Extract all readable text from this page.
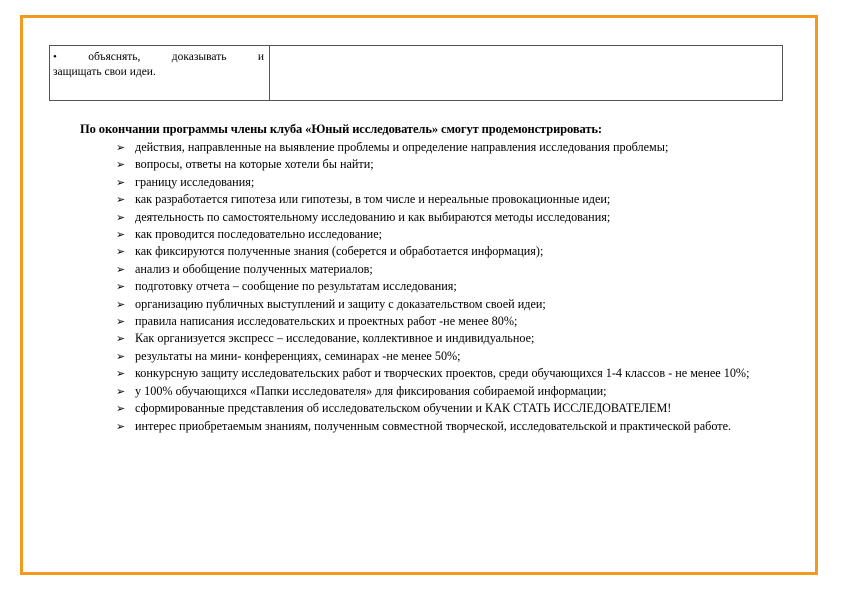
•	объяснять,	доказывать	и
защищать свои идеи.

По окончании программы члены клуба «Юный исследователь» смогут продемонстрировать:
➢ действия, направленные на выявление проблемы и определение направления исследования проблемы;
➢ вопросы, ответы на которые хотели бы найти;
➢ границу исследования;
➢ как разработается гипотеза или гипотезы, в том числе и нереальные провокационные идеи;
➢ деятельность по самостоятельному исследованию и как выбираются методы исследования;
➢ как проводится последовательно исследование;
➢ как фиксируются полученные знания (соберется и обработается информация);
➢ анализ и обобщение полученных материалов;
➢ подготовку отчета – сообщение по результатам исследования;
➢ организацию публичных выступлений и защиту с доказательством своей идеи;
➢ правила написания исследовательских и проектных работ -не менее 80%;
➢ Как организуется экспресс – исследование, коллективное и индивидуальное;
➢ результаты на мини- конференциях, семинарах -не менее 50%;
➢ конкурсную защиту исследовательских работ и творческих проектов, среди обучающихся 1-4 классов - не менее 10%;
➢ у 100% обучающихся «Папки исследователя» для фиксирования собираемой информации;
➢ сформированные представления об исследовательском обучении и КАК СТАТЬ ИССЛЕДОВАТЕЛЕМ!
➢ интерес приобретаемым знаниям, полученным совместной творческой, исследовательской и практической работе.
